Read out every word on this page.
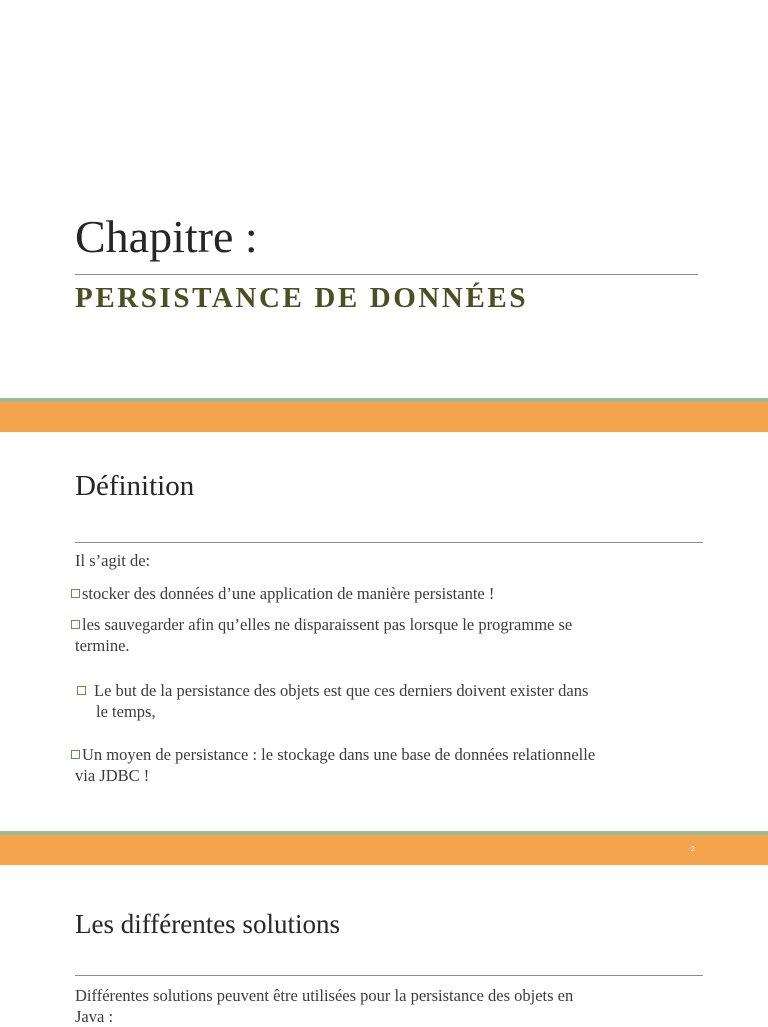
Chapitre :
PERSISTANCE DE DONNÉES
Définition
Il s’agit de:
stocker des données d’une application de manière persistante !
les sauvegarder afin qu’elles ne disparaissent pas lorsque le programme se
termine.
Le but de la persistance des objets est que ces derniers doivent exister dans
le temps,
Un moyen de persistance : le stockage dans une base de données relationnelle
via JDBC !
2
Les différentes solutions
Différentes solutions peuvent être utilisées pour la persistance des objets en
Java :
